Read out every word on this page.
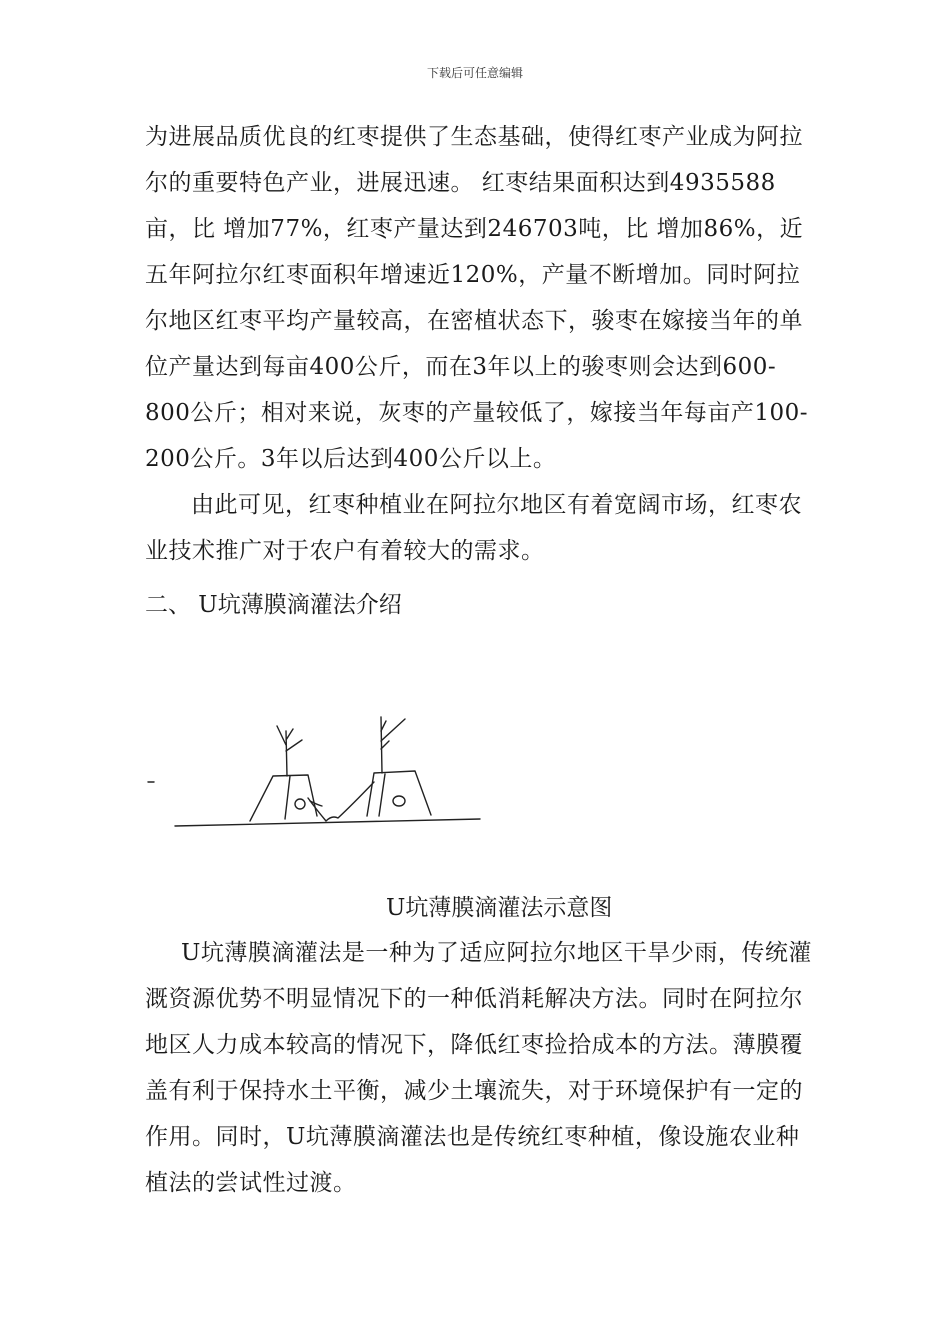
下载后可任意编辑

为进展品质优良的红枣提供了生态基础，使得红枣产业成为阿拉尔的重要特色产业，进展迅速。 红枣结果面积达到4935588亩，比 增加77%，红枣产量达到246703吨，比 增加86%，近五年阿拉尔红枣面积年增速近120%，产量不断增加。同时阿拉尔地区红枣平均产量较高，在密植状态下，骏枣在嫁接当年的单位产量达到每亩400公斤，而在3年以上的骏枣则会达到600-800公斤；相对来说，灰枣的产量较低了，嫁接当年每亩产100-200公斤。3年以后达到400公斤以上。

由此可见，红枣种植业在阿拉尔地区有着宽阔市场，红枣农业技术推广对于农户有着较大的需求。

二、 U坑薄膜滴灌法介绍

U坑薄膜滴灌法示意图

U坑薄膜滴灌法是一种为了适应阿拉尔地区干旱少雨，传统灌溉资源优势不明显情况下的一种低消耗解决方法。同时在阿拉尔地区人力成本较高的情况下，降低红枣捡拾成本的方法。薄膜覆盖有利于保持水土平衡，减少土壤流失，对于环境保护有一定的作用。同时，U坑薄膜滴灌法也是传统红枣种植，像设施农业种植法的尝试性过渡。
